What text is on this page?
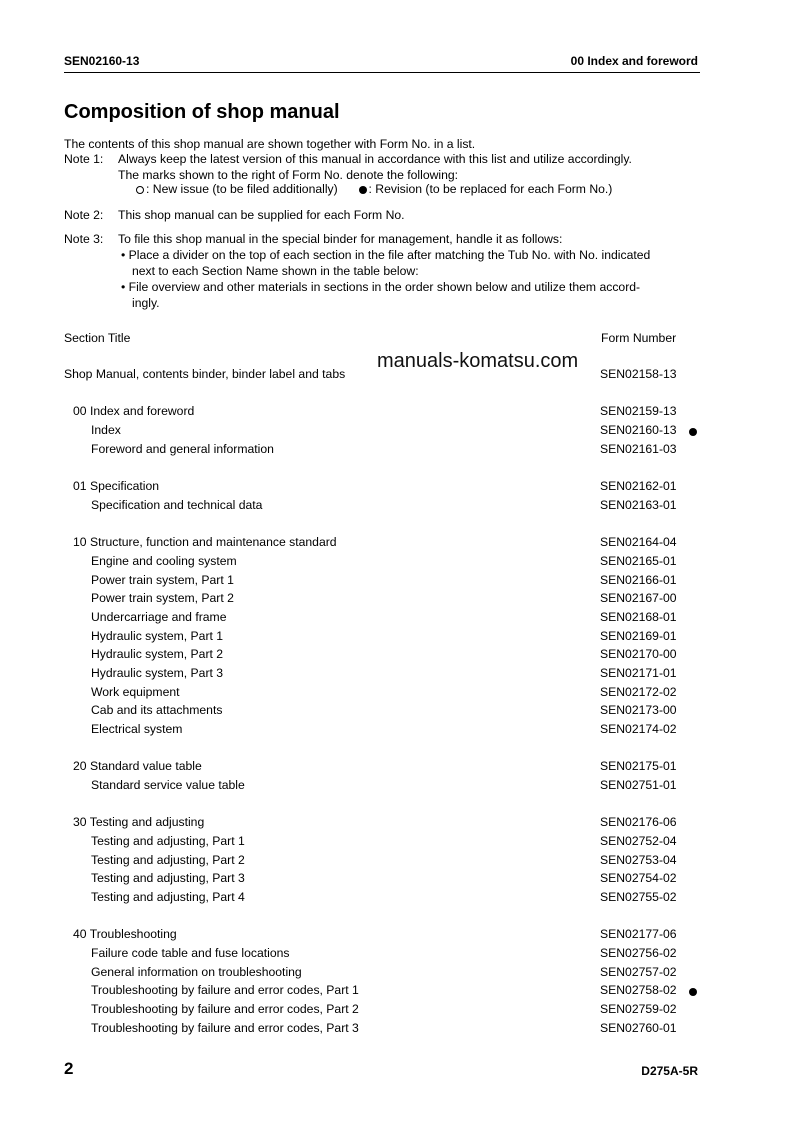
SEN02160-13	00 Index and foreword
Composition of shop manual
The contents of this shop manual are shown together with Form No. in a list.
Note 1: Always keep the latest version of this manual in accordance with this list and utilize accordingly.
The marks shown to the right of Form No. denote the following:
: New issue (to be filed additionally)	: Revision (to be replaced for each Form No.)
Note 2: This shop manual can be supplied for each Form No.
Note 3: To file this shop manual in the special binder for management, handle it as follows:
• Place a divider on the top of each section in the file after matching the Tub No. with No. indicated
next to each Section Name shown in the table below:
• File overview and other materials in sections in the order shown below and utilize them accord-
ingly.
Section Title	Form Number
Shop Manual, contents binder, binder label and tabs	SEN02158-13
00 Index and foreword	SEN02159-13
Index	SEN02160-13
Foreword and general information	SEN02161-03
01 Specification	SEN02162-01
Specification and technical data	SEN02163-01
10 Structure, function and maintenance standard	SEN02164-04
Engine and cooling system	SEN02165-01
Power train system, Part 1	SEN02166-01
Power train system, Part 2	SEN02167-00
Undercarriage and frame	SEN02168-01
Hydraulic system, Part 1	SEN02169-01
Hydraulic system, Part 2	SEN02170-00
Hydraulic system, Part 3	SEN02171-01
Work equipment	SEN02172-02
Cab and its attachments	SEN02173-00
Electrical system	SEN02174-02
20 Standard value table	SEN02175-01
Standard service value table	SEN02751-01
30 Testing and adjusting	SEN02176-06
Testing and adjusting, Part 1	SEN02752-04
Testing and adjusting, Part 2	SEN02753-04
Testing and adjusting, Part 3	SEN02754-02
Testing and adjusting, Part 4	SEN02755-02
40 Troubleshooting	SEN02177-06
Failure code table and fuse locations	SEN02756-02
General information on troubleshooting	SEN02757-02
Troubleshooting by failure and error codes, Part 1	SEN02758-02
Troubleshooting by failure and error codes, Part 2	SEN02759-02
Troubleshooting by failure and error codes, Part 3	SEN02760-01
manuals-komatsu.com
2	D275A-5R
